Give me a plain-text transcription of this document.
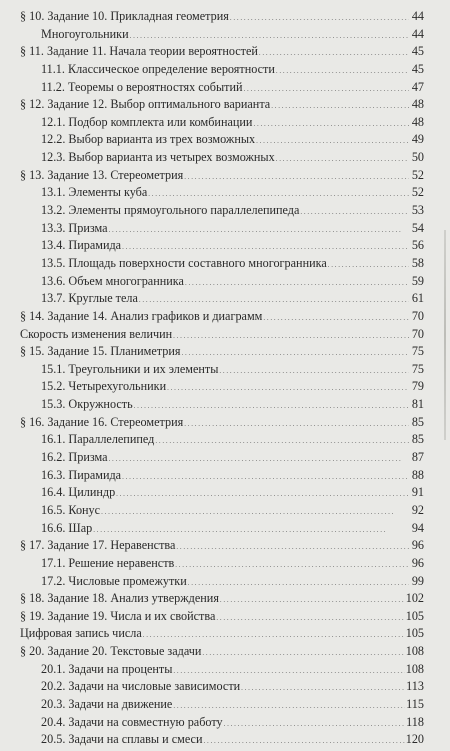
§ 10. Задание 10. Прикладная геометрия . . .	44
Многоугольники . . .	44
§ 11. Задание 11. Начала теории вероятностей . . .	45
11.1. Классическое определение вероятности . . .	45
11.2. Теоремы о вероятностях событий . . .	47
§ 12. Задание 12. Выбор оптимального варианта . . .	48
12.1. Подбор комплекта или комбинации . . .	48
12.2. Выбор варианта из трех возможных . . .	49
12.3. Выбор варианта из четырех возможных . . .	50
§ 13. Задание 13. Стереометрия . . .	52
13.1. Элементы куба . . .	52
13.2. Элементы прямоугольного параллелепипеда . . .	53
13.3. Призма . . .	54
13.4. Пирамида . . .	56
13.5. Площадь поверхности составного многогранника . . .	58
13.6. Объем многогранника . . .	59
13.7. Круглые тела . . .	61
§ 14. Задание 14. Анализ графиков и диаграмм . . .	70
Скорость изменения величин . . .	70
§ 15. Задание 15. Планиметрия . . .	75
15.1. Треугольники и их элементы . . .	75
15.2. Четырехугольники . . .	79
15.3. Окружность . . .	81
§ 16. Задание 16. Стереометрия . . .	85
16.1. Параллелепипед . . .	85
16.2. Призма . . .	87
16.3. Пирамида . . .	88
16.4. Цилиндр . . .	91
16.5. Конус . . .	92
16.6. Шар . . .	94
§ 17. Задание 17. Неравенства . . .	96
17.1. Решение неравенств . . .	96
17.2. Числовые промежутки . . .	99
§ 18. Задание 18. Анализ утверждения . . .	102
§ 19. Задание 19. Числа и их свойства . . .	105
Цифровая запись числа . . .	105
§ 20. Задание 20. Текстовые задачи . . .	108
20.1. Задачи на проценты . . .	108
20.2. Задачи на числовые зависимости . . .	113
20.3. Задачи на движение . . .	115
20.4. Задачи на совместную работу . . .	118
20.5. Задачи на сплавы и смеси . . .	120
